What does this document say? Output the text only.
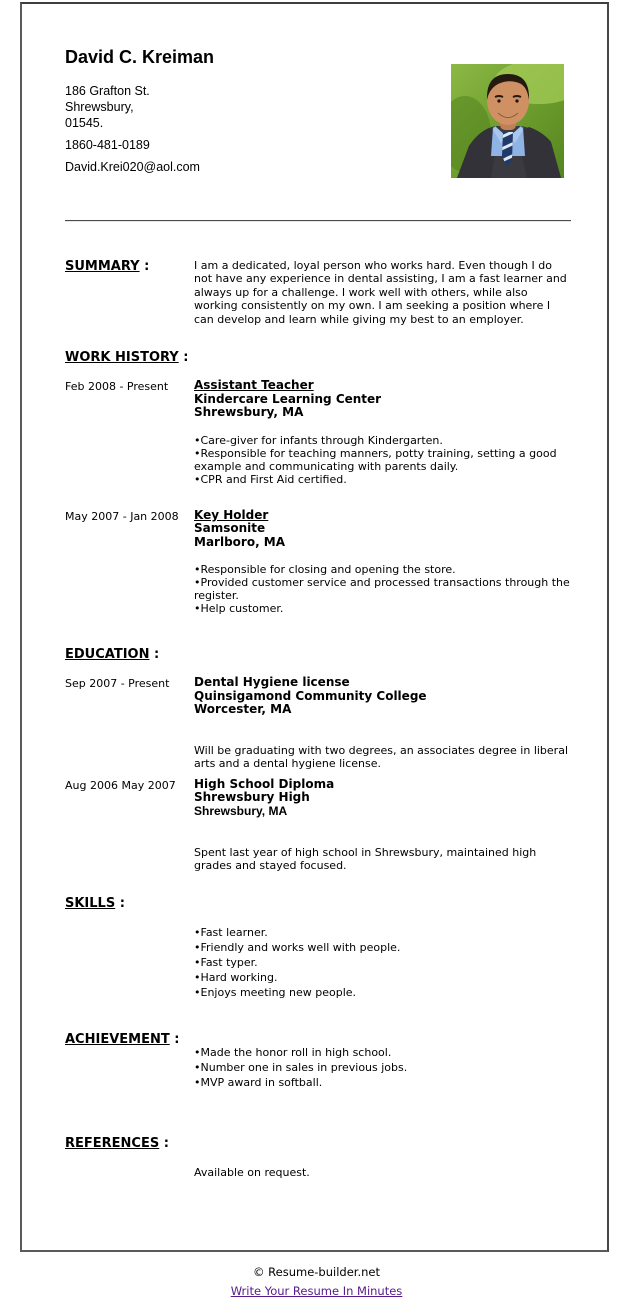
David C. Kreiman
186 Grafton St.
Shrewsbury,
01545.
1860-481-0189
David.Krei020@aol.com
SUMMARY :	I am a dedicated, loyal person who works hard. Even though I do not have any experience in dental assisting, I am a fast learner and always up for a challenge. I work well with others, while also working consistently on my own. I am seeking a position where I can develop and learn while giving my best to an employer.
WORK HISTORY :
Feb 2008 - Present	Assistant Teacher
Kindercare Learning Center
Shrewsbury, MA
• Care-giver for infants through Kindergarten.
• Responsible for teaching manners, potty training, setting a good example and communicating with parents daily.
• CPR and First Aid certified.
May 2007 - Jan 2008	Key Holder
Samsonite
Marlboro, MA
• Responsible for closing and opening the store.
• Provided customer service and processed transactions through the register.
• Help customer.
EDUCATION :
Sep 2007 - Present	Dental Hygiene license
Quinsigamond Community College
Worcester, MA
Will be graduating with two degrees, an associates degree in liberal arts and a dental hygiene license.
Aug 2006 May 2007	High School Diploma
Shrewsbury High
Shrewsbury, MA
Spent last year of high school in Shrewsbury, maintained high grades and stayed focused.
SKILLS :
• Fast learner.
• Friendly and works well with people.
• Fast typer.
• Hard working.
• Enjoys meeting new people.
ACHIEVEMENT :
• Made the honor roll in high school.
• Number one in sales in previous jobs.
• MVP award in softball.
REFERENCES :
Available on request.
© Resume-builder.net
Write Your Resume In Minutes
